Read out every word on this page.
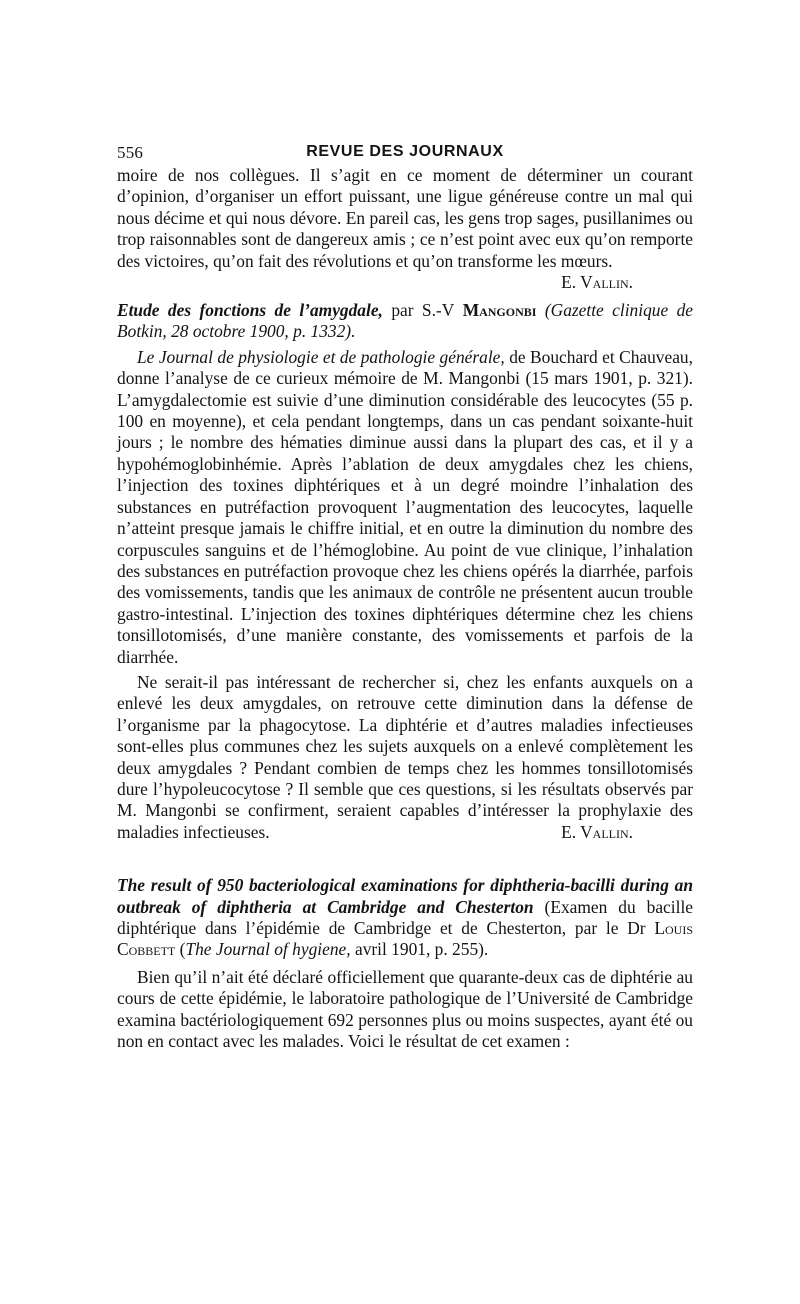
556	REVUE DES JOURNAUX

moire de nos collègues. Il s’agit en ce moment de déterminer un courant d’opinion, d’organiser un effort puissant, une ligue généreuse contre un mal qui nous décime et qui nous dévore. En pareil cas, les gens trop sages, pusillanimes ou trop raisonnables sont de dangereux amis ; ce n’est point avec eux qu’on remporte des victoires, qu’on fait des révolutions et qu’on transforme les mœurs.
E. Vallin.

Etude des fonctions de l’amygdale, par S.-V Mangonbi (Gazette clinique de Botkin, 28 octobre 1900, p. 1332).

Le Journal de physiologie et de pathologie générale, de Bouchard et Chauveau, donne l’analyse de ce curieux mémoire de M. Mangonbi (15 mars 1901, p. 321). L’amygdalectomie est suivie d’une diminution considérable des leucocytes (55 p. 100 en moyenne), et cela pendant longtemps, dans un cas pendant soixante-huit jours ; le nombre des hématies diminue aussi dans la plupart des cas, et il y a hypohémoglobinhémie. Après l’ablation de deux amygdales chez les chiens, l’injection des toxines diphtériques et à un degré moindre l’inhalation des substances en putréfaction provoquent l’augmentation des leucocytes, laquelle n’atteint presque jamais le chiffre initial, et en outre la diminution du nombre des corpuscules sanguins et de l’hémoglobine. Au point de vue clinique, l’inhalation des substances en putréfaction provoque chez les chiens opérés la diarrhée, parfois des vomissements, tandis que les animaux de contrôle ne présentent aucun trouble gastro-intestinal. L’injection des toxines diphtériques détermine chez les chiens tonsillotomisés, d’une manière constante, des vomissements et parfois de la diarrhée.

Ne serait-il pas intéressant de rechercher si, chez les enfants auxquels on a enlevé les deux amygdales, on retrouve cette diminution dans la défense de l’organisme par la phagocytose. La diphtérie et d’autres maladies infectieuses sont-elles plus communes chez les sujets auxquels on a enlevé complètement les deux amygdales ? Pendant combien de temps chez les hommes tonsillotomisés dure l’hypoleucocytose ? Il semble que ces questions, si les résultats observés par M. Mangonbi se confirment, seraient capables d’intéresser la prophylaxie des maladies infectieuses.	E. Vallin.

The result of 950 bacteriological examinations for diphtheria-bacilli during an outbreak of diphtheria at Cambridge and Chesterton (Examen du bacille diphtérique dans l’épidémie de Cambridge et de Chesterton, par le Dr Louis Cobbett (The Journal of hygiene, avril 1901, p. 255).

Bien qu’il n’ait été déclaré officiellement que quarante-deux cas de diphtérie au cours de cette épidémie, le laboratoire pathologique de l’Université de Cambridge examina bactériologiquement 692 personnes plus ou moins suspectes, ayant été ou non en contact avec les malades. Voici le résultat de cet examen :
